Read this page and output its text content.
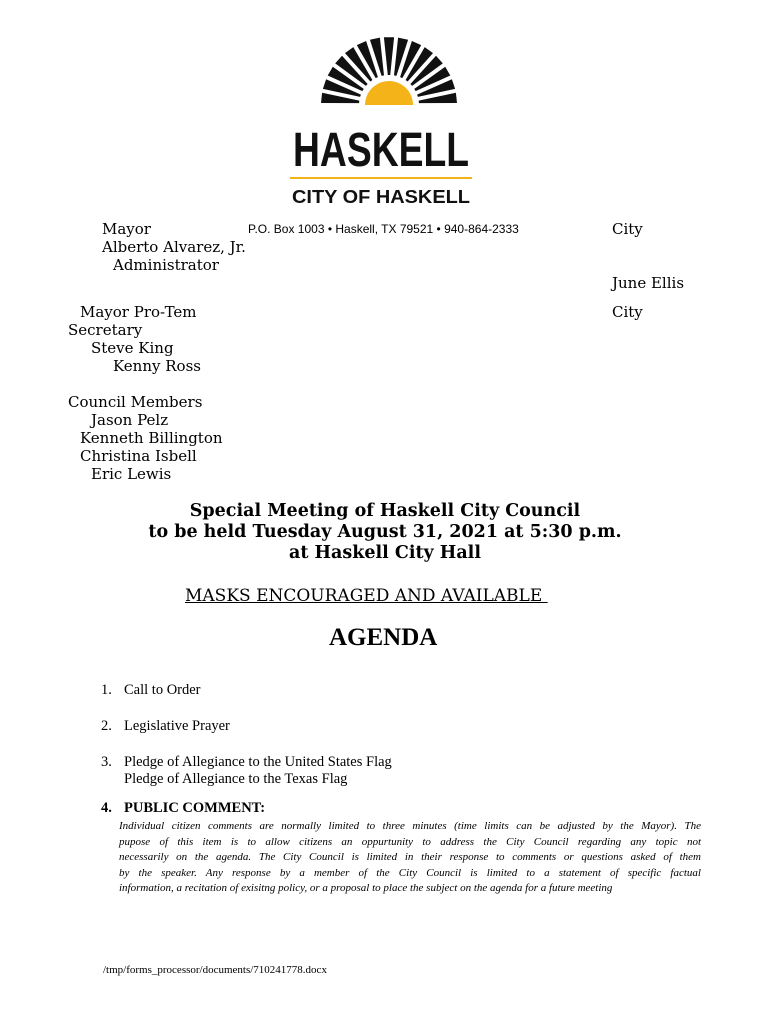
HASKELL
CITY OF HASKELL
P.O. Box 1003 • Haskell, TX 79521 • 940-864-2333
Mayor
Alberto Alvarez, Jr.
Administrator
Mayor Pro-Tem
Secretary
Steve King
Kenny Ross
Council Members
Jason Pelz
Kenneth Billington
Christina Isbell
Eric Lewis
City
June Ellis
City
Special Meeting of Haskell City Council
to be held Tuesday August 31, 2021 at 5:30 p.m.
at Haskell City Hall
MASKS ENCOURAGED AND AVAILABLE
AGENDA
1. Call to Order
2. Legislative Prayer
3. Pledge of Allegiance to the United States Flag
Pledge of Allegiance to the Texas Flag
4. PUBLIC COMMENT:
Individual citizen comments are normally limited to three minutes (time limits can be adjusted by the Mayor). The
pupose of this item is to allow citizens an oppurtunity to address the City Council regarding any topic not
necessarily on the agenda. The City Council is limited in their response to comments or questions asked of them
by the speaker. Any response by a member of the City Council is limited to a statement of specific factual
information, a recitation of exisitng policy, or a proposal to place the subject on the agenda for a future meeting
/tmp/forms_processor/documents/710241778.docx
